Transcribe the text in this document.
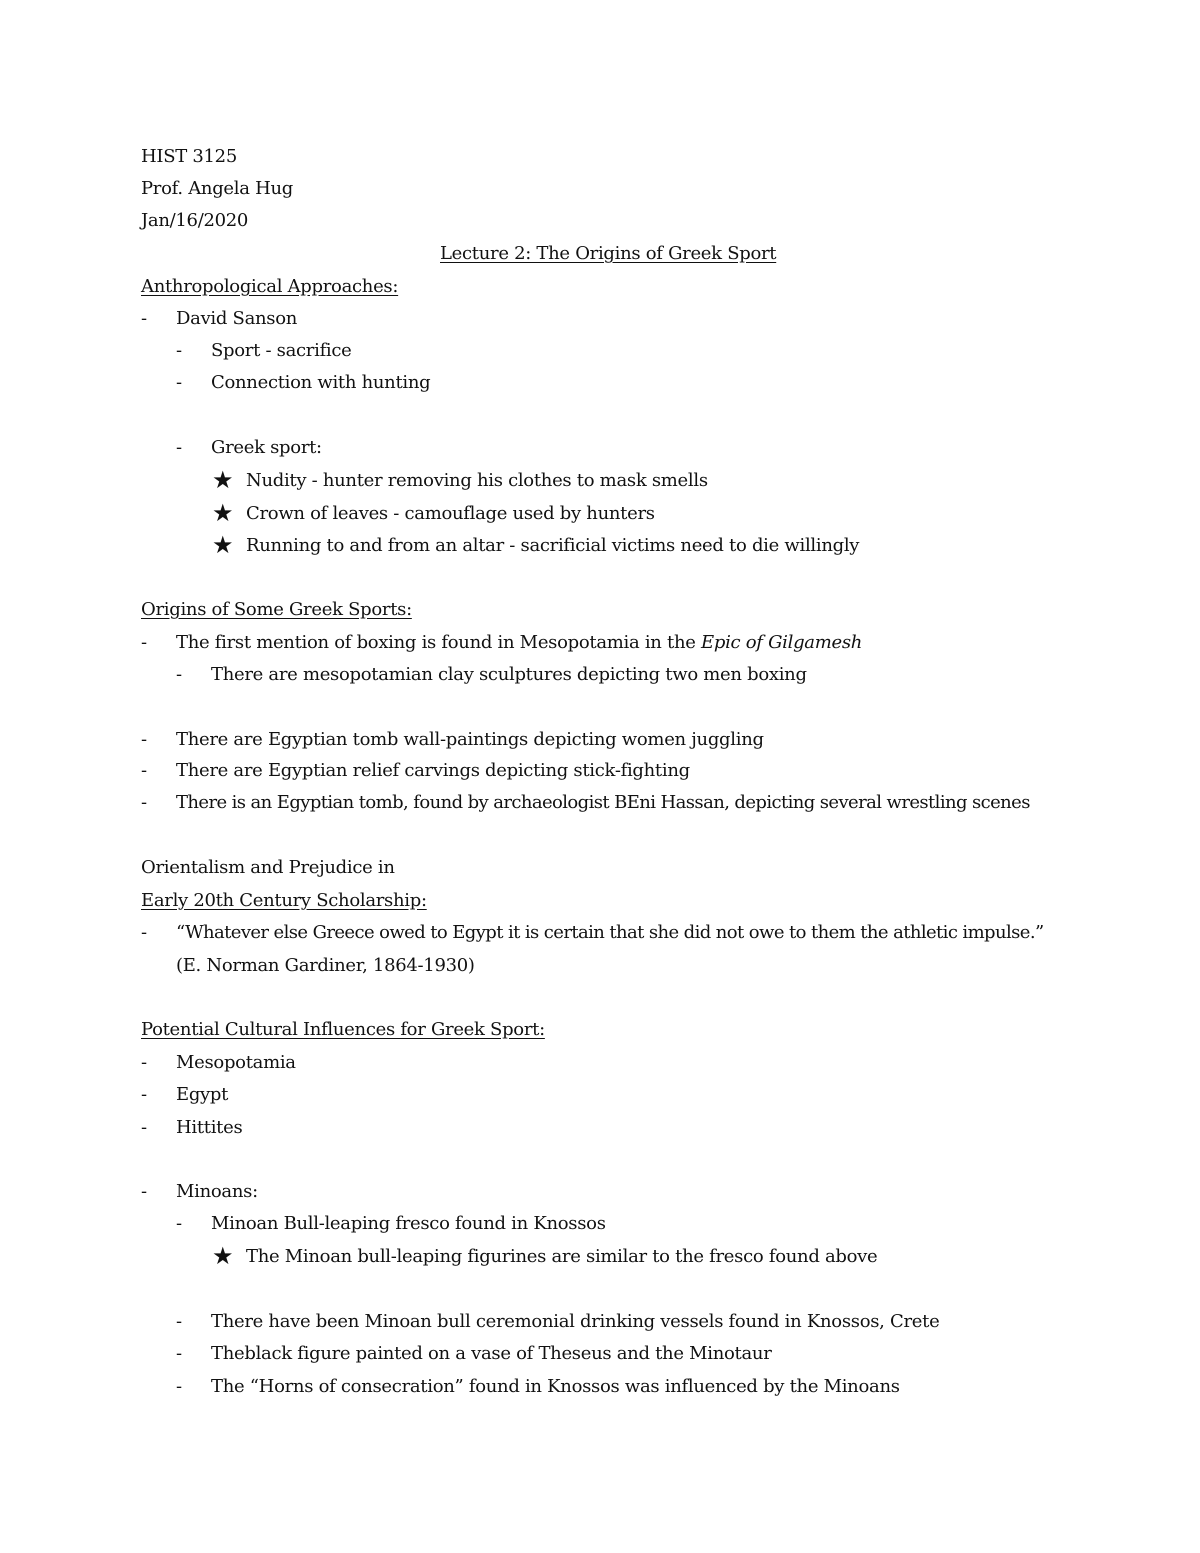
HIST 3125
Prof. Angela Hug
Jan/16/2020
Lecture 2: The Origins of Greek Sport
Anthropological Approaches:
- David Sanson
- Sport - sacrifice
- Connection with hunting
- Greek sport:
★ Nudity - hunter removing his clothes to mask smells
★ Crown of leaves - camouflage used by hunters
★ Running to and from an altar - sacrificial victims need to die willingly
Origins of Some Greek Sports:
- The first mention of boxing is found in Mesopotamia in the Epic of Gilgamesh
- There are mesopotamian clay sculptures depicting two men boxing
- There are Egyptian tomb wall-paintings depicting women juggling
- There are Egyptian relief carvings depicting stick-fighting
- There is an Egyptian tomb, found by archaeologist BEni Hassan, depicting several wrestling scenes
Orientalism and Prejudice in
Early 20th Century Scholarship:
- “Whatever else Greece owed to Egypt it is certain that she did not owe to them the athletic impulse.”
(E. Norman Gardiner, 1864-1930)
Potential Cultural Influences for Greek Sport:
- Mesopotamia
- Egypt
- Hittites
- Minoans:
- Minoan Bull-leaping fresco found in Knossos
★ The Minoan bull-leaping figurines are similar to the fresco found above
- There have been Minoan bull ceremonial drinking vessels found in Knossos, Crete
- Theblack figure painted on a vase of Theseus and the Minotaur
- The “Horns of consecration” found in Knossos was influenced by the Minoans
